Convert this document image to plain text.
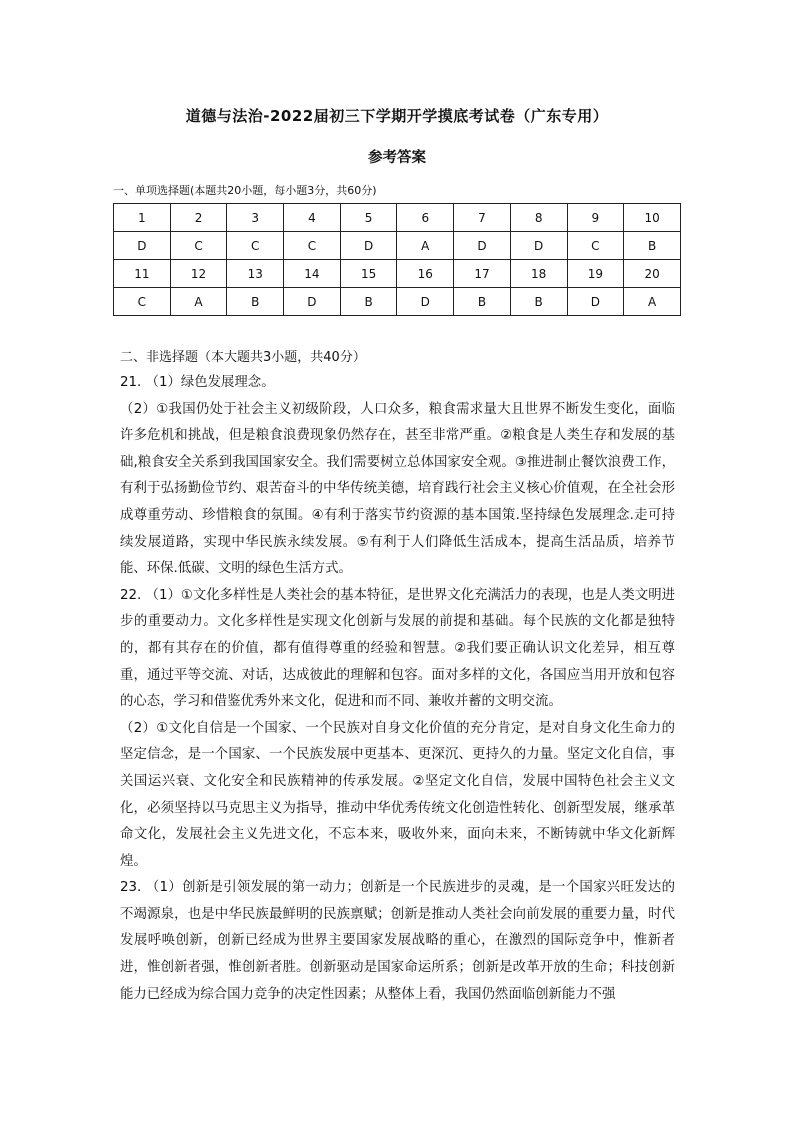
道德与法治-2022届初三下学期开学摸底考试卷（广东专用）
参考答案
一、单项选择题(本题共20小题，每小题3分，共60分)
1	2	3	4	5	6	7	8	9	10
D	C	C	C	D	A	D	D	C	B
11	12	13	14	15	16	17	18	19	20
C	A	B	D	B	D	B	B	D	A
二、非选择题（本大题共3小题，共40分）

21. （1）绿色发展理念。

（2）①我国仍处于社会主义初级阶段，人口众多，粮食需求量大且世界不断发生变化，面临许多危机和挑战，但是粮食浪费现象仍然存在，甚至非常严重。②粮食是人类生存和发展的基础,粮食安全关系到我国国家安全。我们需要树立总体国家安全观。③推进制止餐饮浪费工作，有利于弘扬勤俭节约、艰苦奋斗的中华传统美德，培育践行社会主义核心价值观，在全社会形成尊重劳动、珍惜粮食的氛围。④有利于落实节约资源的基本国策.坚持绿色发展理念.走可持续发展道路，实现中华民族永续发展。⑤有利于人们降低生活成本，提高生活品质，培养节能、环保.低碳、文明的绿色生活方式。

22. （1）①文化多样性是人类社会的基本特征，是世界文化充满活力的表现，也是人类文明进步的重要动力。文化多样性是实现文化创新与发展的前提和基础。每个民族的文化都是独特的，都有其存在的价值，都有值得尊重的经验和智慧。②我们要正确认识文化差异，相互尊重，通过平等交流、对话，达成彼此的理解和包容。面对多样的文化，各国应当用开放和包容的心态，学习和借鉴优秀外来文化，促进和而不同、兼收并蓄的文明交流。

（2）①文化自信是一个国家、一个民族对自身文化价值的充分肯定，是对自身文化生命力的坚定信念，是一个国家、一个民族发展中更基本、更深沉、更持久的力量。坚定文化自信，事关国运兴衰、文化安全和民族精神的传承发展。②坚定文化自信，发展中国特色社会主义文化，必须坚持以马克思主义为指导，推动中华优秀传统文化创造性转化、创新型发展，继承革命文化，发展社会主义先进文化，不忘本来，吸收外来，面向未来，不断铸就中华文化新辉煌。

23. （1）创新是引领发展的第一动力；创新是一个民族进步的灵魂，是一个国家兴旺发达的不竭源泉，也是中华民族最鲜明的民族禀赋；创新是推动人类社会向前发展的重要力量，时代发展呼唤创新，创新已经成为世界主要国家发展战略的重心，在激烈的国际竞争中，惟新者进，惟创新者强，惟创新者胜。创新驱动是国家命运所系；创新是改革开放的生命；科技创新能力已经成为综合国力竞争的决定性因素；从整体上看，我国仍然面临创新能力不强
